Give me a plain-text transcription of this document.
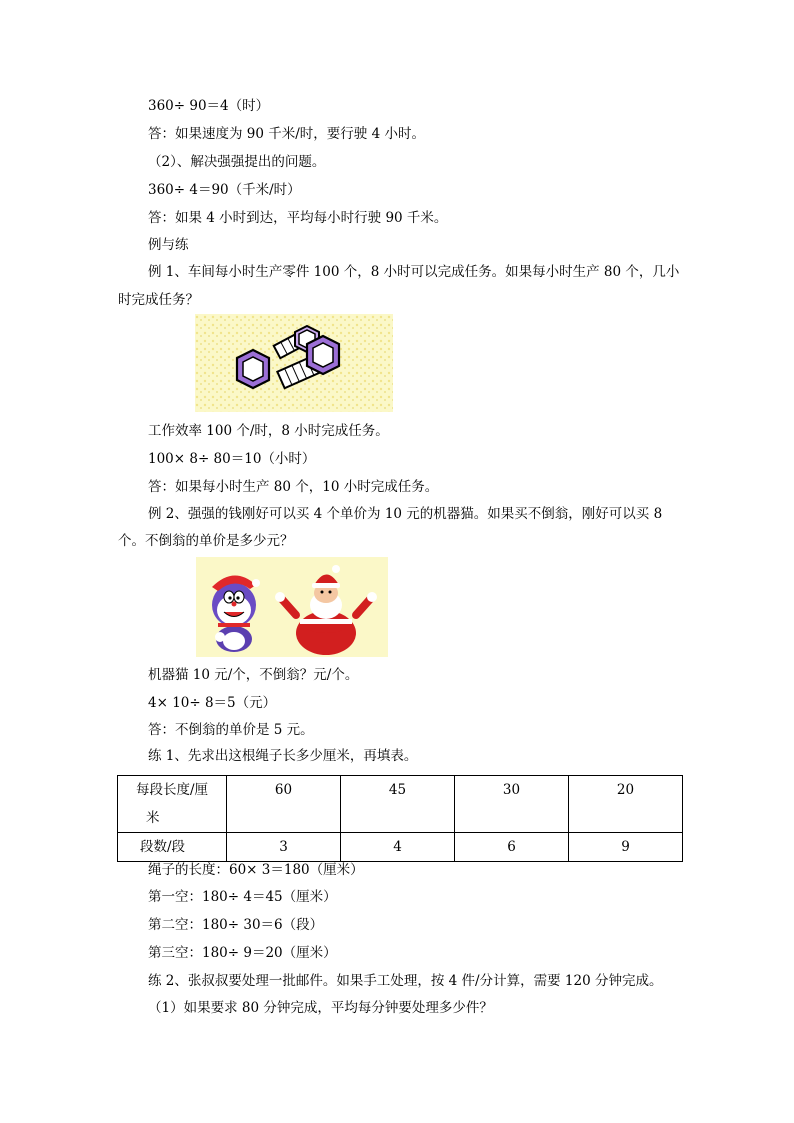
360÷ 90＝4（时）
答：如果速度为 90 千米/时，要行驶 4 小时。
（2）、解决强强提出的问题。
360÷ 4＝90（千米/时）
答：如果 4 小时到达，平均每小时行驶 90 千米。
例与练
例 1、车间每小时生产零件 100 个，8 小时可以完成任务。如果每小时生产 80 个，几小
时完成任务？
工作效率 100 个/时，8 小时完成任务。
100× 8÷ 80＝10（小时）
答：如果每小时生产 80 个，10 小时完成任务。
例 2、强强的钱刚好可以买 4 个单价为 10 元的机器猫。如果买不倒翁，刚好可以买 8
个。不倒翁的单价是多少元？
机器猫 10 元/个，不倒翁？元/个。
4× 10÷ 8＝5（元）
答：不倒翁的单价是 5 元。
练 1、先求出这根绳子长多少厘米，再填表。
每段长度/厘
米	60	45	30	20
段数/段	3	4	6	9
绳子的长度：60× 3＝180（厘米）
第一空：180÷ 4＝45（厘米）
第二空：180÷ 30＝6（段）
第三空：180÷ 9＝20（厘米）
练 2、张叔叔要处理一批邮件。如果手工处理，按 4 件/分计算，需要 120 分钟完成。
（1）如果要求 80 分钟完成，平均每分钟要处理多少件？
